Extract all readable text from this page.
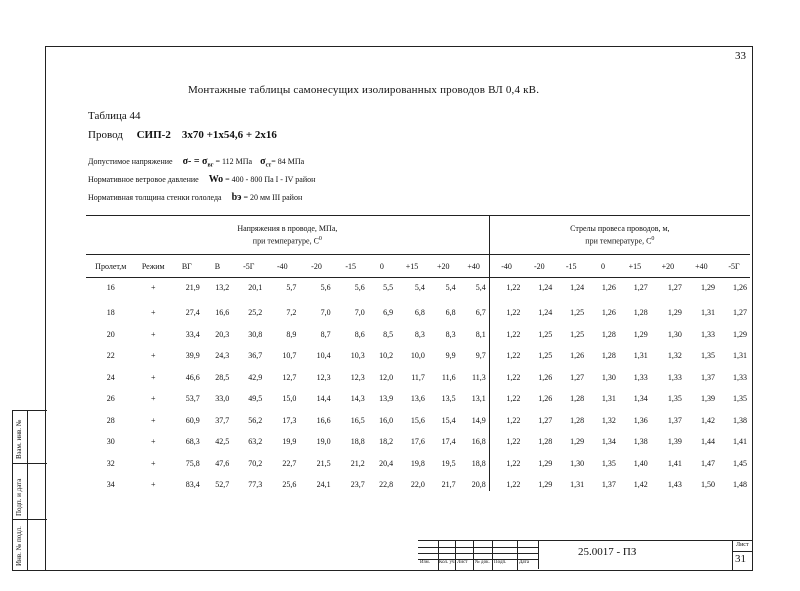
33
Монтажные таблицы самонесущих изолированных проводов ВЛ 0,4 кВ.
Таблица 44
Провод СИП-2 3х70 +1х54,6 + 2х16
Допустимое напряжение $\sigma- = \sigma_{вг} = 112$ МПа $\sigma_{ст}= 84$ МПа
Нормативное ветровое давление Wo = 400 - 800 Па I - IV район
Нормативная толщина стенки гололеда bэ = 20 мм III район
Напряжения в проводе, МПа,
при температуре, $С^0$												Стрелы провеса проводов, м,
при температуре, $С^0$
Пролет,м	Режим	ВГ	В	-5Г	-40	-20	-15	0	+15	+20	+40	-40	-20	-15	0	+15	+20	+40	-5Г
16	+	21,9	13,2	20,1	5,7	5,6	5,6	5,5	5,4	5,4	5,4	1,22	1,24	1,24	1,26	1,27	1,27	1,29	1,26
18	+	27,4	16,6	25,2	7,2	7,0	7,0	6,9	6,8	6,8	6,7	1,22	1,24	1,25	1,26	1,28	1,29	1,31	1,27
20	+	33,4	20,3	30,8	8,9	8,7	8,6	8,5	8,3	8,3	8,1	1,22	1,25	1,25	1,28	1,29	1,30	1,33	1,29
22	+	39,9	24,3	36,7	10,7	10,4	10,3	10,2	10,0	9,9	9,7	1,22	1,25	1,26	1,28	1,31	1,32	1,35	1,31
24	+	46,6	28,5	42,9	12,7	12,3	12,3	12,0	11,7	11,6	11,3	1,22	1,26	1,27	1,30	1,33	1,33	1,37	1,33
26	+	53,7	33,0	49,5	15,0	14,4	14,3	13,9	13,6	13,5	13,1	1,22	1,26	1,28	1,31	1,34	1,35	1,39	1,35
28	+	60,9	37,7	56,2	17,3	16,6	16,5	16,0	15,6	15,4	14,9	1,22	1,27	1,28	1,32	1,36	1,37	1,42	1,38
30	+	68,3	42,5	63,2	19,9	19,0	18,8	18,2	17,6	17,4	16,8	1,22	1,28	1,29	1,34	1,38	1,39	1,44	1,41
32	+	75,8	47,6	70,2	22,7	21,5	21,2	20,4	19,8	19,5	18,8	1,22	1,29	1,30	1,35	1,40	1,41	1,47	1,45
34	+	83,4	52,7	77,3	25,6	24,1	23,7	22,8	22,0	21,7	20,8	1,22	1,29	1,31	1,37	1,42	1,43	1,50	1,48
Взам. инв. №
Подп. и дата
Инв. № подл.	Изм. Кол. уч.Лист № док. Подп.	Дата
25.0017 - ПЗ
Лист
31
